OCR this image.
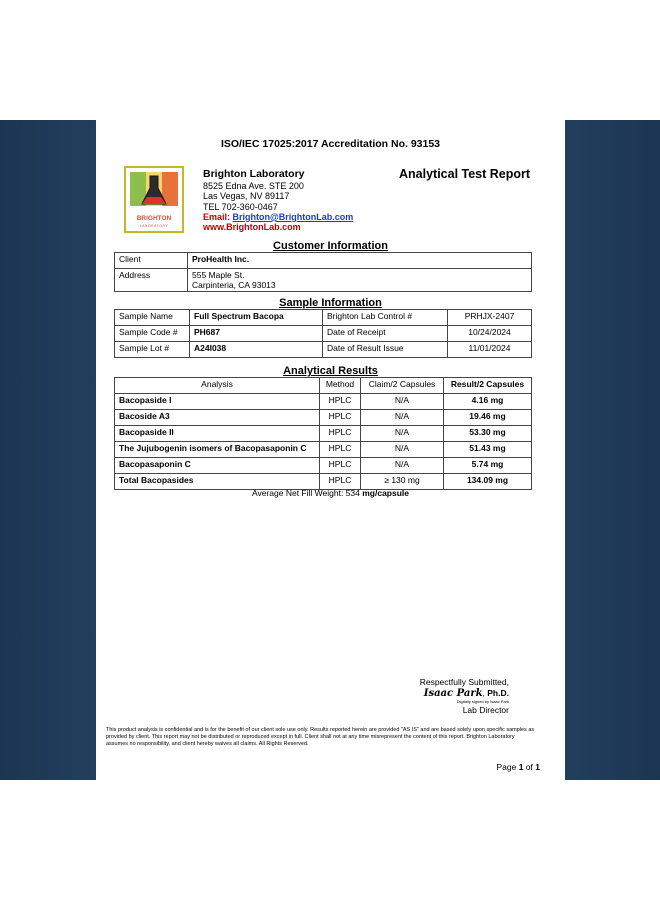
ISO/IEC 17025:2017 Accreditation No. 93153
BRIGHTON
LABORATORY
Brighton Laboratory
8525 Edna Ave. STE 200
Las Vegas, NV 89117
TEL 702-360-0467
Email: Brighton@BrightonLab.com
www.BrightonLab.com
Analytical Test Report
Customer Information
Client	ProHealth Inc.
Address	555 Maple St.
Carpinteria, CA 93013
Sample Information
Sample Name	Full Spectrum Bacopa	Brighton Lab Control #	PRHJX-2407
Sample Code #	PH687	Date of Receipt	10/24/2024
Sample Lot #	A24I038	Date of Result Issue	11/01/2024
Analytical Results
Analysis	Method	Claim/2 Capsules	Result/2 Capsules
Bacopaside I	HPLC	N/A	4.16 mg
Bacoside A3	HPLC	N/A	19.46 mg
Bacopaside II	HPLC	N/A	53.30 mg
The Jujubogenin isomers of Bacopasaponin C	HPLC	N/A	51.43 mg
Bacopasaponin C	HPLC	N/A	5.74 mg
Total Bacopasides	HPLC	≥ 130 mg	134.09 mg
Average Net Fill Weight: 534 mg/capsule
Respectfully Submitted,
Isaac Park, Ph.D.
Digitally signed by Isaac Park
Lab Director
This product analysis is confidential and is for the benefit of our client sole use only. Results reported herein are provided "AS IS" and are based solely upon specific samples as provided by client. This report may not be distributed or reproduced except in full. Client shall not at any time misrepresent the content of this report. Brighton Laboratory assumes no responsibility, and client hereby waives all claims. All Rights Reserved.
Page 1 of 1
